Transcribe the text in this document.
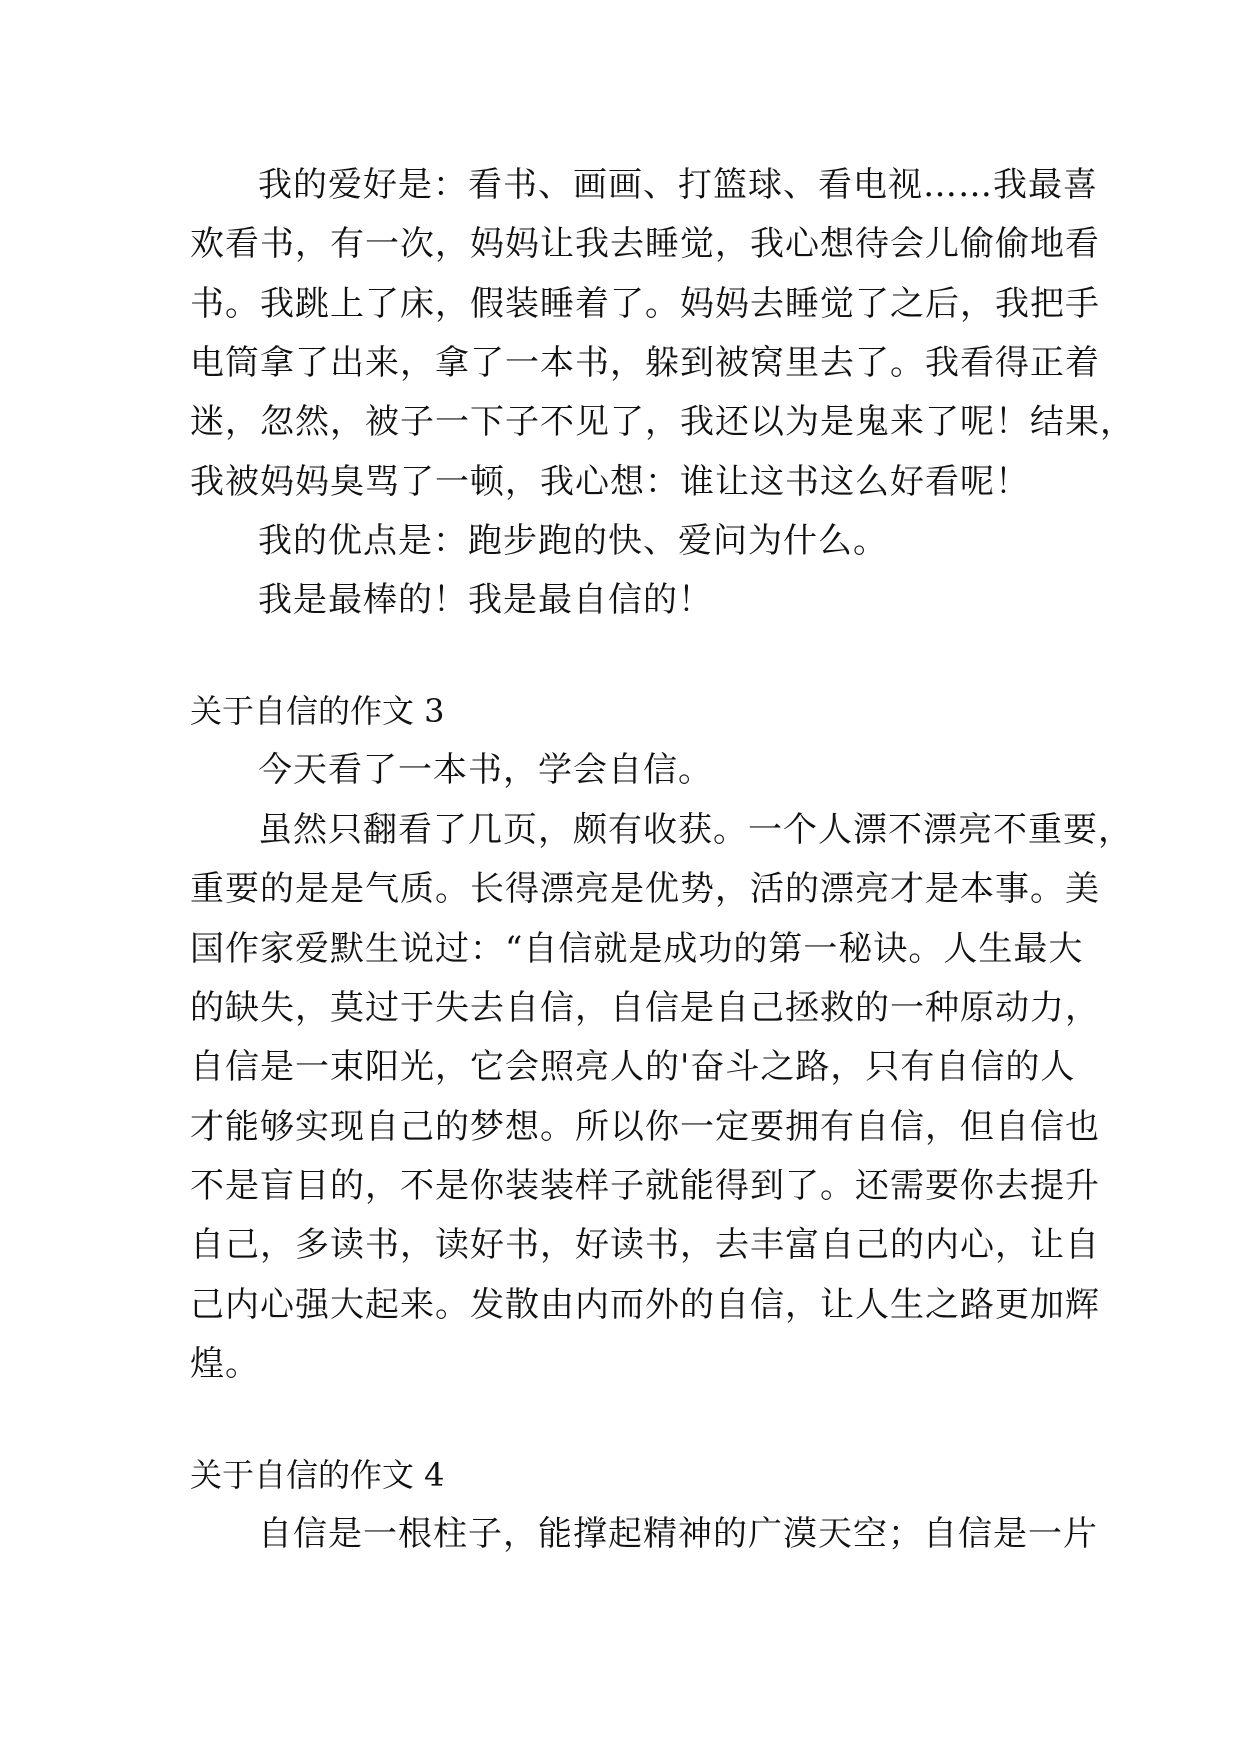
我的爱好是：看书、画画、打篮球、看电视……我最喜
欢看书，有一次，妈妈让我去睡觉，我心想待会儿偷偷地看
书。我跳上了床，假装睡着了。妈妈去睡觉了之后，我把手
电筒拿了出来，拿了一本书，躲到被窝里去了。我看得正着
迷，忽然，被子一下子不见了，我还以为是鬼来了呢！结果，
我被妈妈臭骂了一顿，我心想：谁让这书这么好看呢！
我的优点是：跑步跑的快、爱问为什么。
我是最棒的！我是最自信的！
关于自信的作文 3
今天看了一本书，学会自信。
虽然只翻看了几页，颇有收获。一个人漂不漂亮不重要，
重要的是是气质。长得漂亮是优势，活的漂亮才是本事。美
国作家爱默生说过：“自信就是成功的第一秘诀。人生最大
的缺失，莫过于失去自信，自信是自己拯救的一种原动力，
自信是一束阳光，它会照亮人的'奋斗之路，只有自信的人
才能够实现自己的梦想。所以你一定要拥有自信，但自信也
不是盲目的，不是你装装样子就能得到了。还需要你去提升
自己，多读书，读好书，好读书，去丰富自己的内心，让自
己内心强大起来。发散由内而外的自信，让人生之路更加辉
煌。
关于自信的作文 4
自信是一根柱子，能撑起精神的广漠天空；自信是一片
